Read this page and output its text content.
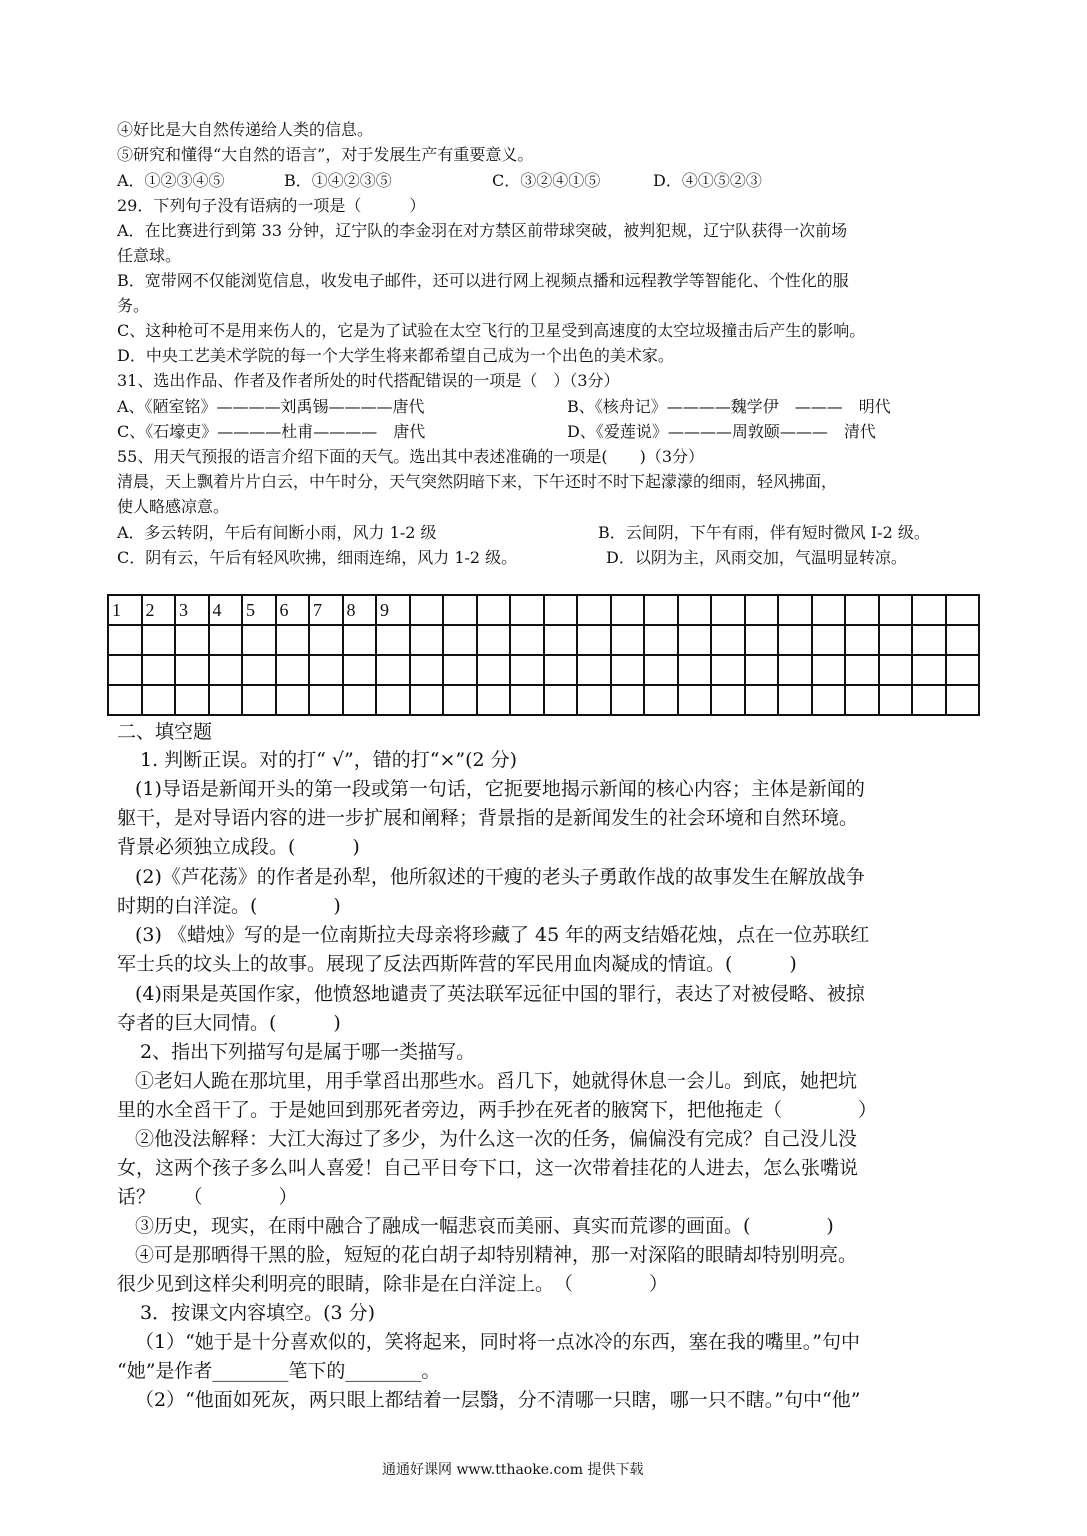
④好比是大自然传递给人类的信息。
⑤研究和懂得“大自然的语言”，对于发展生产有重要意义。
A．①②③④⑤	B．①④②③⑤	C．③②④①⑤	D．④①⑤②③
29．下列句子没有语病的一项是（　　　）
A．在比赛进行到第 33 分钟，辽宁队的李金羽在对方禁区前带球突破，被判犯规，辽宁队获得一次前场
任意球。
B．宽带网不仅能浏览信息，收发电子邮件，还可以进行网上视频点播和远程教学等智能化、个性化的服
务。
C、这种枪可不是用来伤人的，它是为了试验在太空飞行的卫星受到高速度的太空垃圾撞击后产生的影响。
D．中央工艺美术学院的每一个大学生将来都希望自己成为一个出色的美术家。
31、选出作品、作者及作者所处的时代搭配错误的一项是（　）（3分）
A、《陋室铭》————刘禹锡————唐代	B、《核舟记》————魏学伊　———　明代
C、《石壕吏》————杜甫————　唐代	D、《爱莲说》————周敦颐———　清代
55、用天气预报的语言介绍下面的天气。选出其中表述准确的一项是(　　)（3分）
清晨，天上飘着片片白云，中午时分，天气突然阴暗下来，下午还时不时下起濛濛的细雨，轻风拂面，
使人略感凉意。
A．多云转阴，午后有间断小雨，风力 1-2 级	B．云间阴，下午有雨，伴有短时微风 I-2 级。
C．阴有云，午后有轻风吹拂，细雨连绵，风力 1-2 级。	D．以阴为主，风雨交加，气温明显转凉。
1	2	3	4	5	6	7	8	9																	

二、填空题
1. 判断正误。对的打“ √”，错的打“×”(2 分)
(1)导语是新闻开头的第一段或第一句话，它扼要地揭示新闻的核心内容；主体是新闻的
躯干，是对导语内容的进一步扩展和阐释；背景指的是新闻发生的社会环境和自然环境。
背景必须独立成段。(　　　)
(2)《芦花荡》的作者是孙犁，他所叙述的干瘦的老头子勇敢作战的故事发生在解放战争
时期的白洋淀。(　　　　)
(3) 《蜡烛》写的是一位南斯拉夫母亲将珍藏了 45 年的两支结婚花烛，点在一位苏联红
军士兵的坟头上的故事。展现了反法西斯阵营的军民用血肉凝成的情谊。(　　　)
(4)雨果是英国作家，他愤怒地谴责了英法联军远征中国的罪行，表达了对被侵略、被掠
夺者的巨大同情。(　　　)
2、指出下列描写句是属于哪一类描写。
①老妇人跪在那坑里，用手掌舀出那些水。舀几下，她就得休息一会儿。到底，她把坑
里的水全舀干了。于是她回到那死者旁边，两手抄在死者的腋窝下，把他拖走（　　　　）
②他没法解释：大江大海过了多少，为什么这一次的任务，偏偏没有完成？自己没儿没
女，这两个孩子多么叫人喜爱！自己平日夸下口，这一次带着挂花的人进去，怎么张嘴说
话？　　（　　　　）
③历史，现实，在雨中融合了融成一幅悲哀而美丽、真实而荒谬的画面。(　　　　)
④可是那晒得干黑的脸，短短的花白胡子却特别精神，那一对深陷的眼睛却特别明亮。
很少见到这样尖利明亮的眼睛，除非是在白洋淀上。　（　　　　）
3．按课文内容填空。(3 分)
（1）“她于是十分喜欢似的，笑将起来，同时将一点冰冷的东西，塞在我的嘴里。”句中
“她”是作者________笔下的________。
（2）“他面如死灰，两只眼上都结着一层翳，分不清哪一只瞎，哪一只不瞎。”句中“他”
通通好课网 www.tthaoke.com 提供下载
